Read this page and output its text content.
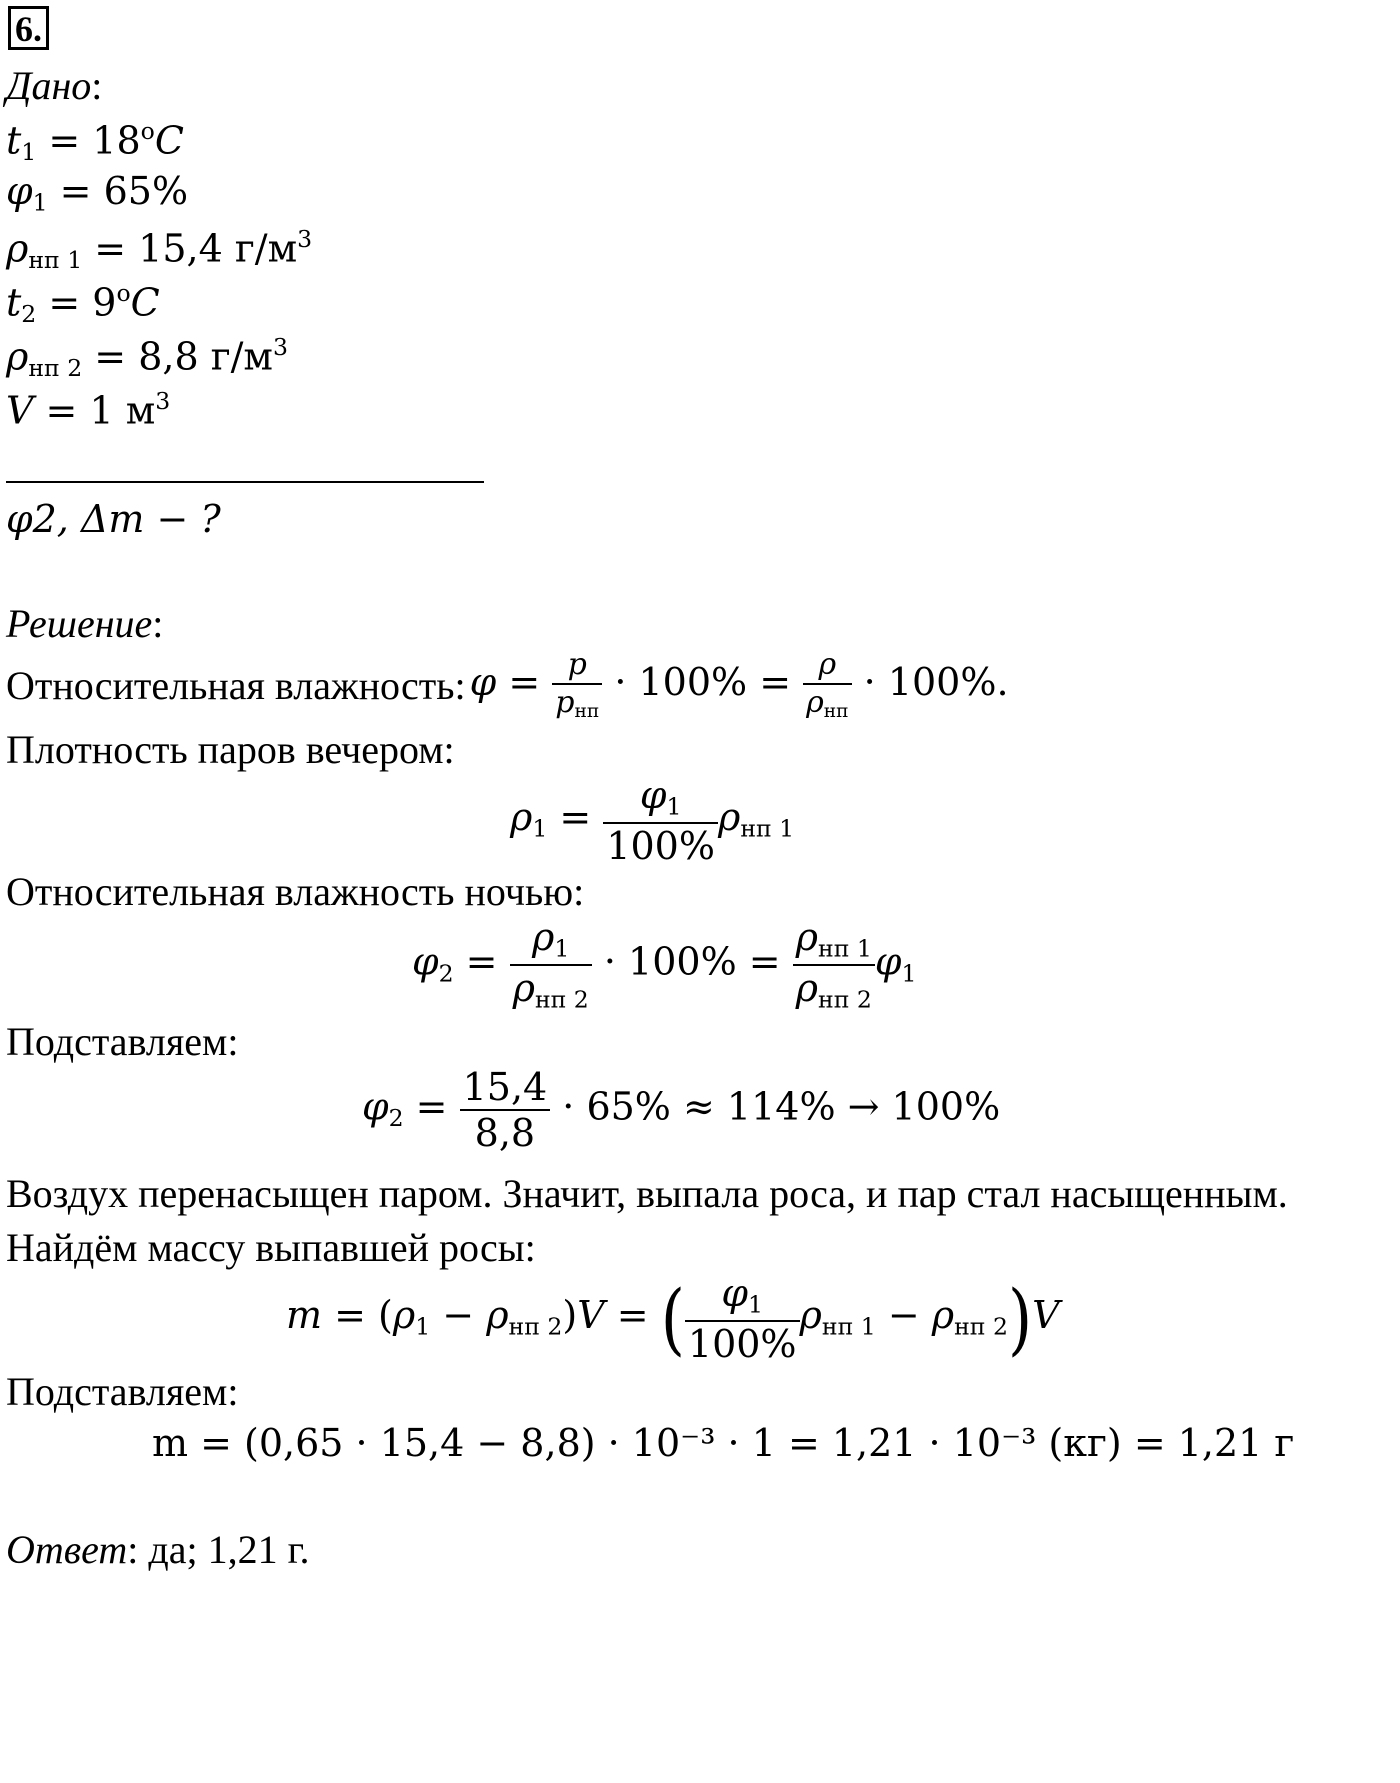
6.
Дано:
$t_1 = 18^oC$
$\varphi_1 = 65\%$
$\rho_{нп 1} = 15,4$ $г/м^3$
$t_2 = 9^oC$
$\rho_{нп 2} = 8,8$ $г/м^3$
V = 1 $м^3$
φ2, Δm − ?
Решение:
Относительная влажность: $\varphi = \frac{p}{p_{нп}} \cdot 100\% = \frac{\rho}{\rho_{нп}} \cdot 100\%$.
Плотность паров вечером:
$\rho_1 = \frac{\varphi_1}{100\%} \rho_{нп 1}$
Относительная влажность ночью:
$\varphi_2 = \frac{\rho_1}{\rho_{нп 2}} \cdot 100\% = \frac{\rho_{нп 1}}{\rho_{нп 2}} \varphi_1$
Подставляем:
$\varphi_2 = \frac{15,4}{8,8} \cdot 65\% \approx 114\% \to 100\%$
Воздух перенасыщен паром. Значит, выпала роса, и пар стал насыщенным.
Найдём массу выпавшей росы:
$m = (\rho_1 - \rho_{нп 2})V$ = ( $\frac{\varphi_1}{100\%} \rho_{нп 1} - \rho_{нп 2})V$
Подставляем:
m = (0,65 · 15,4 − 8,8) · 10⁻³ · 1 = 1,21 · 10⁻³ (кг) = 1,21 г
Ответ: да; 1,21 г.
